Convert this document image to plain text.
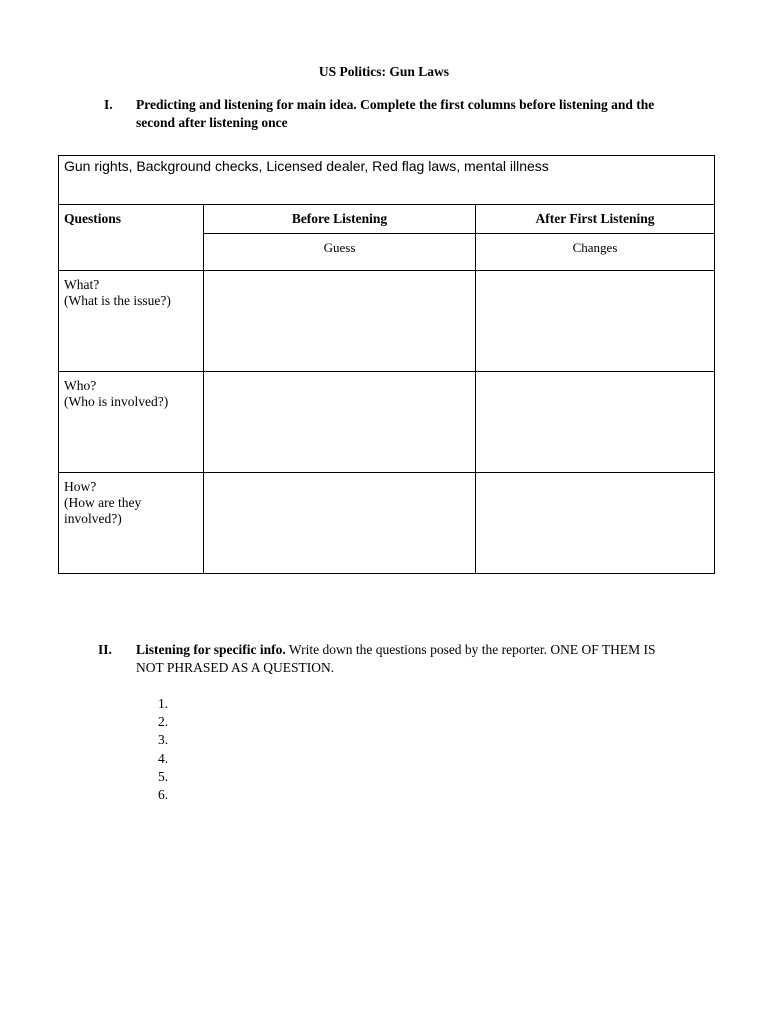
US Politics: Gun Laws
I. Predicting and listening for main idea. Complete the first columns before listening and the second after listening once
Gun rights, Background checks, Licensed dealer, Red flag laws, mental illness		
Questions	Before Listening	After First Listening
	Guess	Changes

What?
(What is the issue?)		

Who?
(Who is involved?)		

How?
(How are they involved?)		

II. Listening for specific info. Write down the questions posed by the reporter. ONE OF THEM IS NOT PHRASED AS A QUESTION.
1.
2.
3.
4.
5.
6.
